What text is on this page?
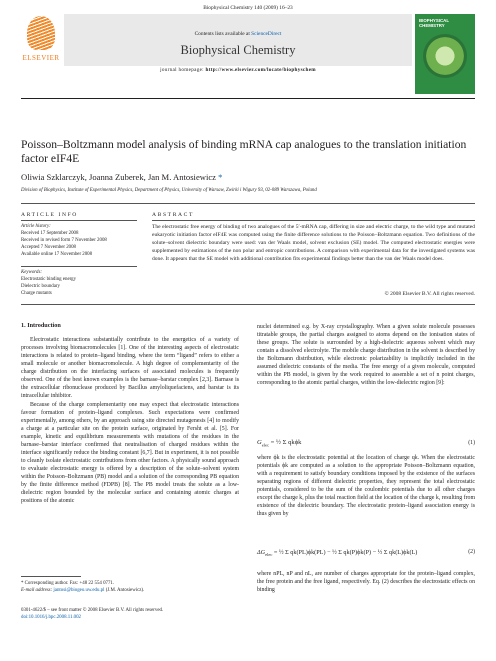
Biophysical Chemistry 140 (2009) 16–23
ELSEVIER
Contents lists available at ScienceDirect
Biophysical Chemistry
journal homepage: http://www.elsevier.com/locate/biophyschem
BIOPHYSICAL
CHEMISTRY
Poisson–Boltzmann model analysis of binding mRNA cap analogues to the translation initiation factor eIF4E
Oliwia Szklarczyk, Joanna Zuberek, Jan M. Antosiewicz *
Division of Biophysics, Institute of Experimental Physics, Department of Physics, University of Warsaw, Zwirki i Wigury 93, 02-089 Warszawa, Poland
ARTICLE INFO	ABSTRACT
Article history:
Received 17 September 2008
Received in revised form 7 November 2008
Accepted 7 November 2008
Available online 17 November 2008
Keywords:
Electrostatic binding energy
Dielectric boundary
Charge mutants
The electrostatic free energy of binding of two analogues of the 5′-mRNA cap, differing in size and electric charge, to the wild type and mutated eukaryotic initiation factor eIF4E was computed using the finite difference solutions to the Poisson–Boltzmann equation. Two definitions of the solute–solvent dielectric boundary were used: van der Waals model, solvent exclusion (SE) model. The computed electrostatic energies were supplemented by estimations of the non polar and entropic contributions. A comparison with experimental data for the investigated systems was done. It appears that the SE model with additional contribution fits experimental findings better than the van der Waals model does.
© 2008 Elsevier B.V. All rights reserved.
1. Introduction

Electrostatic interactions substantially contribute to the energetics of a variety of processes involving biomacromolecules [1]. One of the interesting aspects of electrostatic interactions is related to protein–ligand binding, where the term “ligand” refers to either a small molecule or another biomacromolecule. A high degree of complementarity of the charge distribution on the interfacing surfaces of associated molecules is frequently observed. One of the best known examples is the barnase–barstar complex [2,3]. Barnase is the extracellular ribonuclease produced by Bacillus amyloliquefaciens, and barstar is its intracellular inhibitor.

Because of the charge complementarity one may expect that electrostatic interactions favour formation of protein–ligand complexes. Such expectations were confirmed experimentally, among others, by an approach using site directed mutagenesis [4] to modify a charge at a particular site on the protein surface, originated by Fersht et al. [5]. For example, kinetic and equilibrium measurements with mutations of the residues in the barnase–barstar interface confirmed that neutralisation of charged residues within the interface significantly reduce the binding constant [6,7]. But in experiment, it is not possible to cleanly isolate electrostatic contributions from other factors. A physically sound approach to evaluate electrostatic energy is offered by a description of the solute–solvent system within the Poisson–Boltzmann (PB) model and a solution of the corresponding PB equation by the finite difference method (FDPB) [8]. The PB model treats the solute as a low-dielectric region bounded by the molecular surface and containing atomic charges at positions of the atomic

nuclei determined e.g. by X-ray crystallography. When a given solute molecule possesses titratable groups, the partial charges assigned to atoms depend on the ionisation states of these groups. The solute is surrounded by a high-dielectric aqueous solvent which may contain a dissolved electrolyte. The mobile charge distribution in the solvent is described by the Boltzmann distribution, while electronic polarizability is implicitly included in the assumed dielectric constants of the media. The free energy of a given molecule, computed within the PB model, is given by the work required to assemble a set of n point charges, corresponding to the atomic partial charges, within the low-dielectric region [9]:
$G_{elec}$ = ½ Σ qkϕk	(1)
where ϕk is the electrostatic potential at the location of charge qk. When the electrostatic potentials ϕk are computed as a solution to the appropriate Poisson–Boltzmann equation, with a requirement to satisfy boundary conditions imposed by the existence of the surfaces separating regions of different dielectric properties, they represent the total electrostatic potentials, considered to be the sum of the coulombic potentials due to all other charges except the charge k, plus the total reaction field at the location of the charge k, resulting from existence of the dielectric boundary. The electrostatic protein–ligand association energy is thus given by
$\Delta G_{elec}$ = ½ Σ qk(PL)ϕk(PL) − ½ Σ qk(P)ϕk(P) − ½ Σ qk(L)ϕk(L)	(2)
where nPL, nP and nL, are number of charges appropriate for the protein–ligand complex, the free protein and the free ligand, respectively. Eq. (2) describes the electrostatic effects on binding
* Corresponding author. Fax: +48 22 554 0771.
E-mail address: jantosi@biogeo.uw.edu.pl (J.M. Antosiewicz).
0301-4622/$ – see front matter © 2008 Elsevier B.V. All rights reserved.
doi:10.1016/j.bpc.2008.11.002
